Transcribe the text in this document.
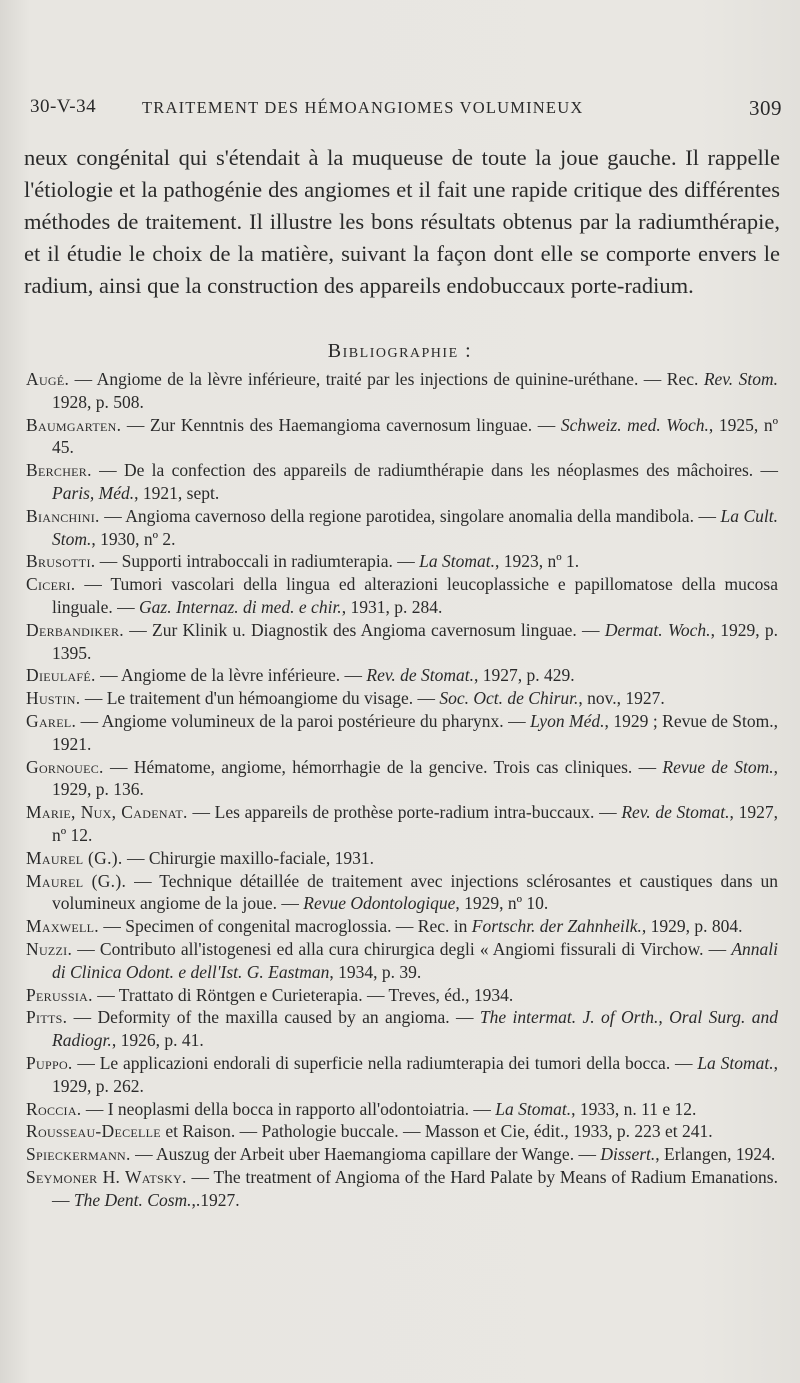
30-V-34	TRAITEMENT DES HÉMOANGIOMES VOLUMINEUX	309

neux congénital qui s'étendait à la muqueuse de toute la joue gauche. Il rappelle l'étiologie et la pathogénie des angiomes et il fait une rapide critique des différentes méthodes de traitement. Il illustre les bons résultats obtenus par la radiumthérapie, et il étudie le choix de la matière, suivant la façon dont elle se comporte envers le radium, ainsi que la construction des appareils endobuccaux porte-radium.

Bibliographie :

Augé. — Angiome de la lèvre inférieure, traité par les injections de quinine-uréthane. — Rec. Rev. Stom. 1928, p. 508.

Baumgarten. — Zur Kenntnis des Haemangioma cavernosum linguae. — Schweiz. med. Woch., 1925, nº 45.

Bercher. — De la confection des appareils de radiumthérapie dans les néoplasmes des mâchoires. — Paris, Méd., 1921, sept.

Bianchini. — Angioma cavernoso della regione parotidea, singolare anomalia della mandibola. — La Cult. Stom., 1930, nº 2.

Brusotti. — Supporti intraboccali in radiumterapia. — La Stomat., 1923, nº 1.

Ciceri. — Tumori vascolari della lingua ed alterazioni leucoplassiche e papillomatose della mucosa linguale. — Gaz. Internaz. di med. e chir., 1931, p. 284.

Derbandiker. — Zur Klinik u. Diagnostik des Angioma cavernosum linguae. — Dermat. Woch., 1929, p. 1395.

Dieulafé. — Angiome de la lèvre inférieure. — Rev. de Stomat., 1927, p. 429.

Hustin. — Le traitement d'un hémoangiome du visage. — Soc. Oct. de Chirur., nov., 1927.

Garel. — Angiome volumineux de la paroi postérieure du pharynx. — Lyon Méd., 1929 ; Revue de Stom., 1921.

Gornouec. — Hématome, angiome, hémorrhagie de la gencive. Trois cas cliniques. — Revue de Stom., 1929, p. 136.

Marie, Nux, Cadenat. — Les appareils de prothèse porte-radium intra-buccaux. — Rev. de Stomat., 1927, nº 12.

Maurel (G.). — Chirurgie maxillo-faciale, 1931.

Maurel (G.). — Technique détaillée de traitement avec injections sclérosantes et caustiques dans un volumineux angiome de la joue. — Revue Odontologique, 1929, nº 10.

Maxwell. — Specimen of congenital macroglossia. — Rec. in Fortschr. der Zahnheilk., 1929, p. 804.

Nuzzi. — Contributo all'istogenesi ed alla cura chirurgica degli « Angiomi fissurali di Virchow. — Annali di Clinica Odont. e dell'Ist. G. Eastman, 1934, p. 39.

Perussia. — Trattato di Röntgen e Curieterapia. — Treves, éd., 1934.

Pitts. — Deformity of the maxilla caused by an angioma. — The intermat. J. of Orth., Oral Surg. and Radiogr., 1926, p. 41.

Puppo. — Le applicazioni endorali di superficie nella radiumterapia dei tumori della bocca. — La Stomat., 1929, p. 262.

Roccia. — I neoplasmi della bocca in rapporto all'odontoiatria. — La Stomat., 1933, n. 11 e 12.

Rousseau-Decelle et Raison. — Pathologie buccale. — Masson et Cie, édit., 1933, p. 223 et 241.

Spieckermann. — Auszug der Arbeit uber Haemangioma capillare der Wange. — Dissert., Erlangen, 1924.

Seymoner H. Watsky. — The treatment of Angioma of the Hard Palate by Means of Radium Emanations. — The Dent. Cosm.,.1927.
